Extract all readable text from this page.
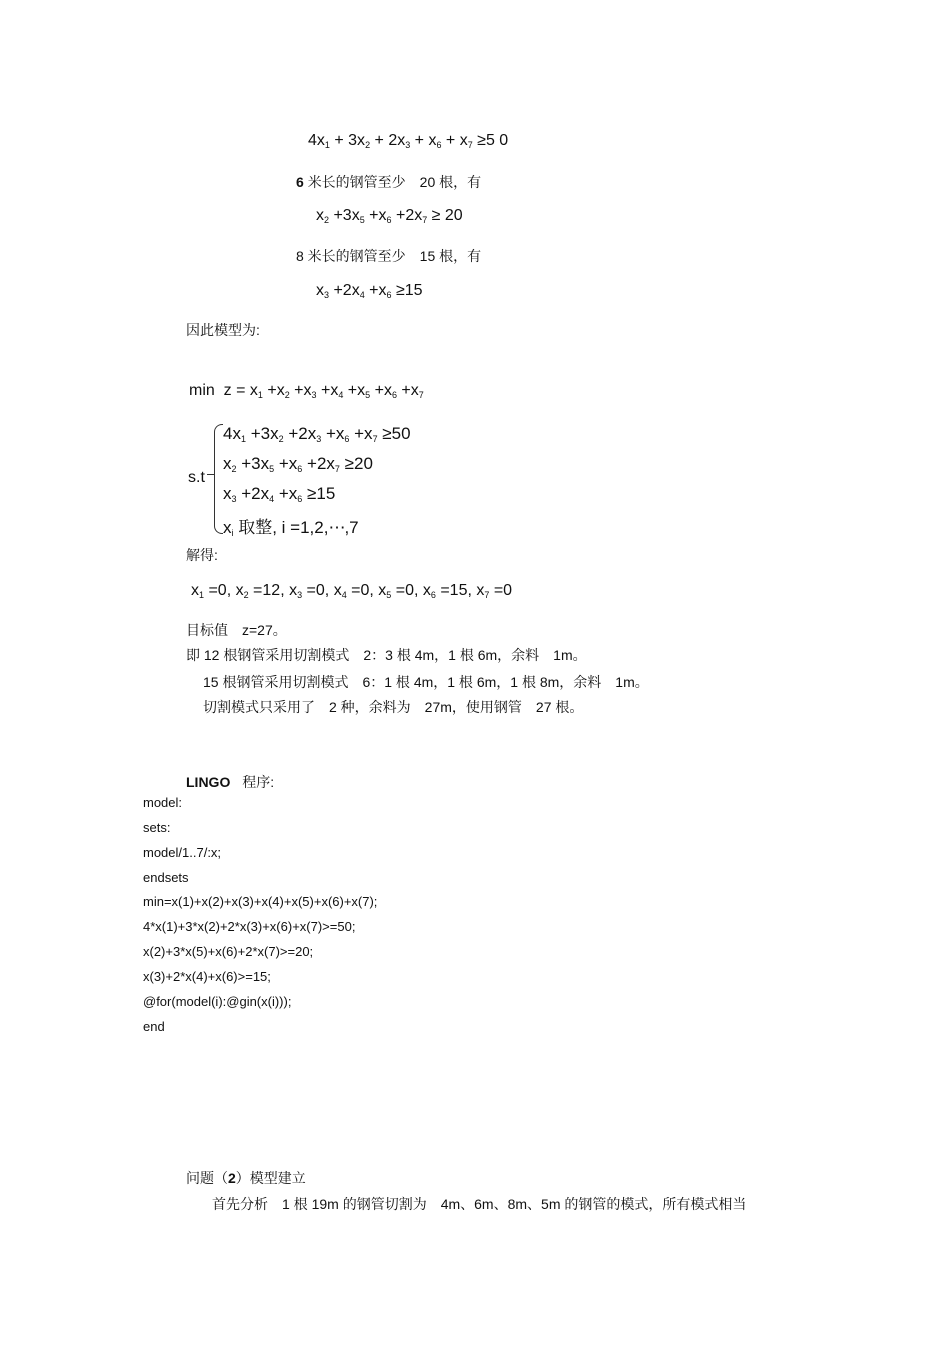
$4x_1 + 3x_2 + 2x_3 + x_6 + x_7 \ge 5$ 0
6 米长的钢管至少　20 根，有
$x_2 +3x_5 +x_6 +2x_7 \ge 20$
8 米长的钢管至少　15 根，有
$x_3 +2x_4 +x_6 \ge 15$
因此模型为:
$\min z = x_1 +x_2 +x_3 +x_4 +x_5 +x_6 +x_7$
s.t
$4x_1 +3x_2 +2x_3 +x_6 +x_7 \ge 50$
$x_2 +3x_5 +x_6 +2x_7 \ge 20$
$x_3 +2x_4 +x_6 \ge 15$
$x_i$ 取整, i =1,2,⋯,7
解得:
$x_1 =0$, $x_2 =12$, $x_3 =0$, $x_4 =0$, $x_5 =0$, $x_6 =15$, $x_7 =0$
目标值　z=27。
即 12 根钢管采用切割模式　2：3 根 4m，1 根 6m，余料　1m。
15 根钢管采用切割模式　6：1 根 4m，1 根 6m，1 根 8m，余料　1m。
切割模式只采用了　2 种，余料为　27m，使用钢管　27 根。
LINGO 程序:
model:
sets:
model/1..7/:x;
endsets
min=x(1)+x(2)+x(3)+x(4)+x(5)+x(6)+x(7);
4*x(1)+3*x(2)+2*x(3)+x(6)+x(7)>=50;
x(2)+3*x(5)+x(6)+2*x(7)>=20;
x(3)+2*x(4)+x(6)>=15;
@for(model(i):@gin(x(i)));
end
问题（2）模型建立
首先分析　1 根 19m 的钢管切割为　4m、6m、8m、5m 的钢管的模式，所有模式相当
